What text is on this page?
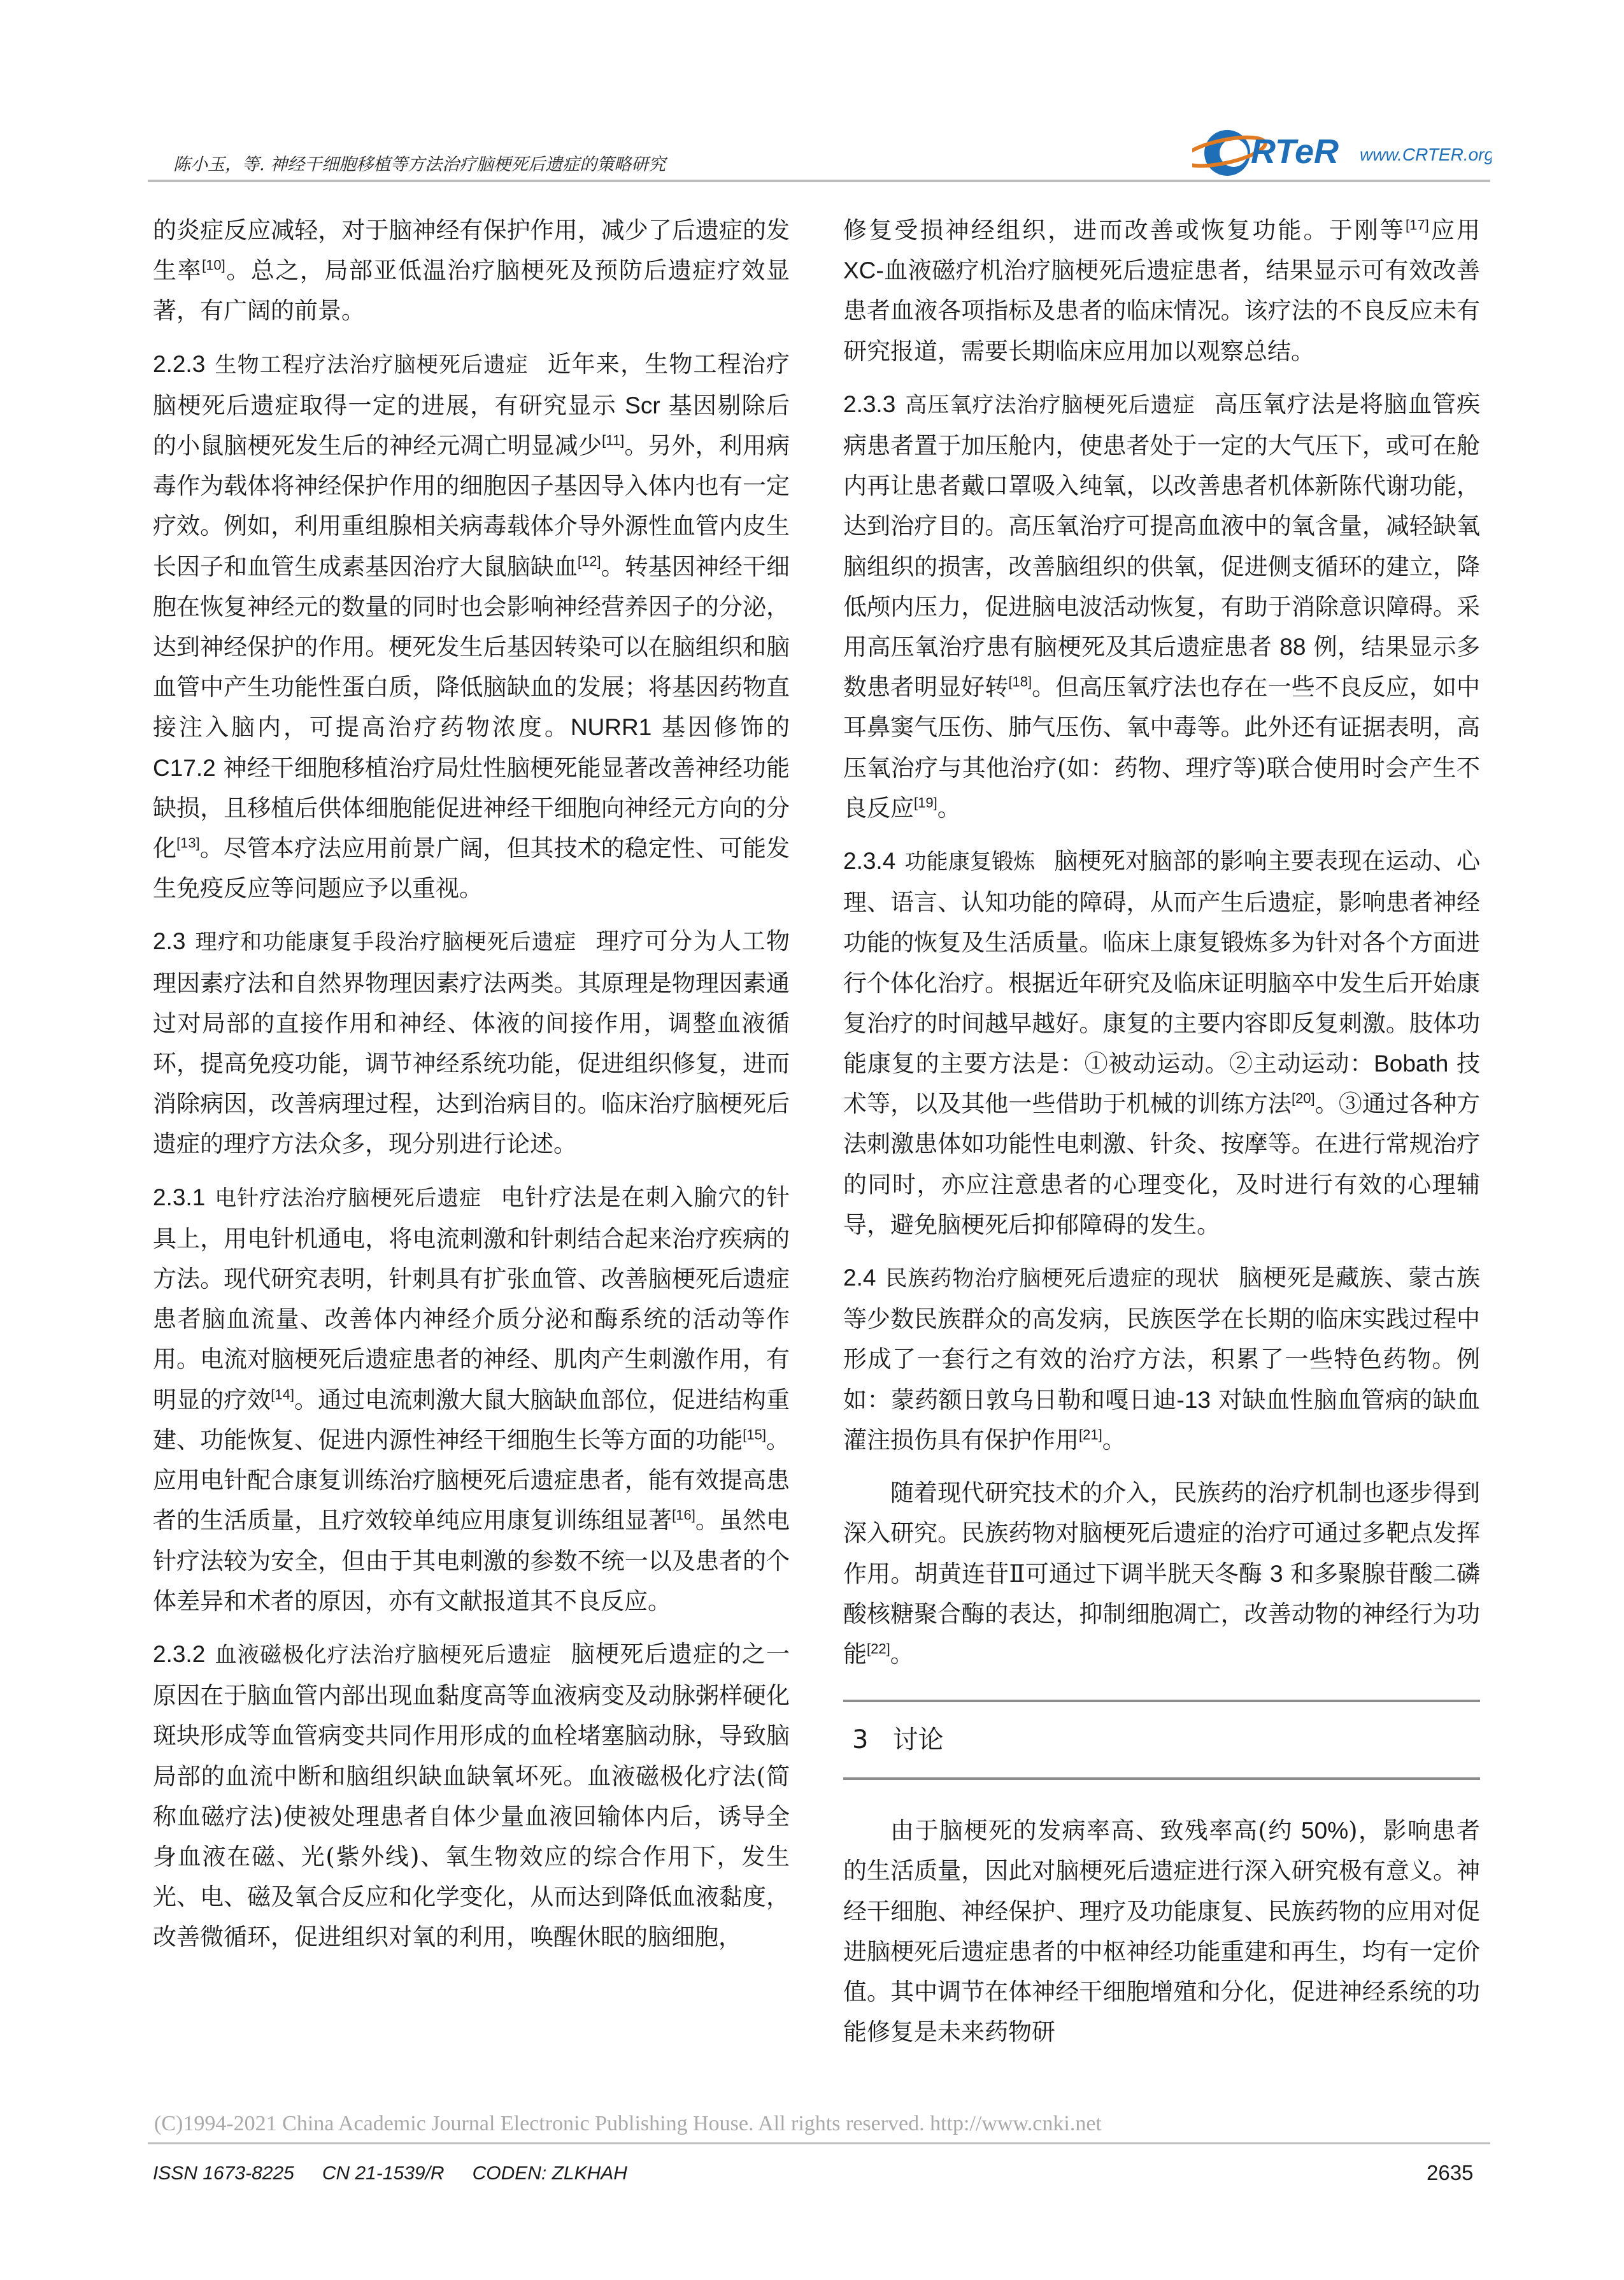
陈小玉，等. 神经干细胞移植等方法治疗脑梗死后遗症的策略研究	RTeR www.CRTER.org

的炎症反应减轻，对于脑神经有保护作用，减少了后遗症的发生率[10]。总之，局部亚低温治疗脑梗死及预防后遗症疗效显著，有广阔的前景。

2.2.3 生物工程疗法治疗脑梗死后遗症 近年来，生物工程治疗脑梗死后遗症取得一定的进展，有研究显示 Scr 基因剔除后的小鼠脑梗死发生后的神经元凋亡明显减少[11]。另外，利用病毒作为载体将神经保护作用的细胞因子基因导入体内也有一定疗效。例如，利用重组腺相关病毒载体介导外源性血管内皮生长因子和血管生成素基因治疗大鼠脑缺血[12]。转基因神经干细胞在恢复神经元的数量的同时也会影响神经营养因子的分泌，达到神经保护的作用。梗死发生后基因转染可以在脑组织和脑血管中产生功能性蛋白质，降低脑缺血的发展；将基因药物直接注入脑内，可提高治疗药物浓度。NURR1 基因修饰的 C17.2 神经干细胞移植治疗局灶性脑梗死能显著改善神经功能缺损，且移植后供体细胞能促进神经干细胞向神经元方向的分化[13]。尽管本疗法应用前景广阔，但其技术的稳定性、可能发生免疫反应等问题应予以重视。

2.3 理疗和功能康复手段治疗脑梗死后遗症 理疗可分为人工物理因素疗法和自然界物理因素疗法两类。其原理是物理因素通过对局部的直接作用和神经、体液的间接作用，调整血液循环，提高免疫功能，调节神经系统功能，促进组织修复，进而消除病因，改善病理过程，达到治病目的。临床治疗脑梗死后遗症的理疗方法众多，现分别进行论述。

2.3.1 电针疗法治疗脑梗死后遗症 电针疗法是在刺入腧穴的针具上，用电针机通电，将电流刺激和针刺结合起来治疗疾病的方法。现代研究表明，针刺具有扩张血管、改善脑梗死后遗症患者脑血流量、改善体内神经介质分泌和酶系统的活动等作用。电流对脑梗死后遗症患者的神经、肌肉产生刺激作用，有明显的疗效[14]。通过电流刺激大鼠大脑缺血部位，促进结构重建、功能恢复、促进内源性神经干细胞生长等方面的功能[15]。应用电针配合康复训练治疗脑梗死后遗症患者，能有效提高患者的生活质量，且疗效较单纯应用康复训练组显著[16]。虽然电针疗法较为安全，但由于其电刺激的参数不统一以及患者的个体差异和术者的原因，亦有文献报道其不良反应。

2.3.2 血液磁极化疗法治疗脑梗死后遗症 脑梗死后遗症的之一原因在于脑血管内部出现血黏度高等血液病变及动脉粥样硬化斑块形成等血管病变共同作用形成的血栓堵塞脑动脉，导致脑局部的血流中断和脑组织缺血缺氧坏死。血液磁极化疗法(简称血磁疗法)使被处理患者自体少量血液回输体内后，诱导全身血液在磁、光(紫外线)、氧生物效应的综合作用下，发生光、电、磁及氧合反应和化学变化，从而达到降低血液黏度，改善微循环，促进组织对氧的利用，唤醒休眠的脑细胞，

修复受损神经组织，进而改善或恢复功能。于刚等[17]应用 XC-血液磁疗机治疗脑梗死后遗症患者，结果显示可有效改善患者血液各项指标及患者的临床情况。该疗法的不良反应未有研究报道，需要长期临床应用加以观察总结。

2.3.3 高压氧疗法治疗脑梗死后遗症 高压氧疗法是将脑血管疾病患者置于加压舱内，使患者处于一定的大气压下，或可在舱内再让患者戴口罩吸入纯氧，以改善患者机体新陈代谢功能，达到治疗目的。高压氧治疗可提高血液中的氧含量，减轻缺氧脑组织的损害，改善脑组织的供氧，促进侧支循环的建立，降低颅内压力，促进脑电波活动恢复，有助于消除意识障碍。采用高压氧治疗患有脑梗死及其后遗症患者 88 例，结果显示多数患者明显好转[18]。但高压氧疗法也存在一些不良反应，如中耳鼻窦气压伤、肺气压伤、氧中毒等。此外还有证据表明，高压氧治疗与其他治疗(如：药物、理疗等)联合使用时会产生不良反应[19]。

2.3.4 功能康复锻炼 脑梗死对脑部的影响主要表现在运动、心理、语言、认知功能的障碍，从而产生后遗症，影响患者神经功能的恢复及生活质量。临床上康复锻炼多为针对各个方面进行个体化治疗。根据近年研究及临床证明脑卒中发生后开始康复治疗的时间越早越好。康复的主要内容即反复刺激。肢体功能康复的主要方法是：①被动运动。②主动运动：Bobath 技术等，以及其他一些借助于机械的训练方法[20]。③通过各种方法刺激患体如功能性电刺激、针灸、按摩等。在进行常规治疗的同时，亦应注意患者的心理变化，及时进行有效的心理辅导，避免脑梗死后抑郁障碍的发生。

2.4 民族药物治疗脑梗死后遗症的现状 脑梗死是藏族、蒙古族等少数民族群众的高发病，民族医学在长期的临床实践过程中形成了一套行之有效的治疗方法，积累了一些特色药物。例如：蒙药额日敦乌日勒和嘎日迪-13 对缺血性脑血管病的缺血灌注损伤具有保护作用[21]。

随着现代研究技术的介入，民族药的治疗机制也逐步得到深入研究。民族药物对脑梗死后遗症的治疗可通过多靶点发挥作用。胡黄连苷Ⅱ可通过下调半胱天冬酶 3 和多聚腺苷酸二磷酸核糖聚合酶的表达，抑制细胞凋亡，改善动物的神经行为功能[22]。

3 讨论

由于脑梗死的发病率高、致残率高(约 50%)，影响患者的生活质量，因此对脑梗死后遗症进行深入研究极有意义。神经干细胞、神经保护、理疗及功能康复、民族药物的应用对促进脑梗死后遗症患者的中枢神经功能重建和再生，均有一定价值。其中调节在体神经干细胞增殖和分化，促进神经系统的功能修复是未来药物研

(C)1994-2021 China Academic Journal Electronic Publishing House. All rights reserved. http://www.cnki.net
ISSN 1673-8225 CN 21-1539/R CODEN: ZLKHAH	2635
